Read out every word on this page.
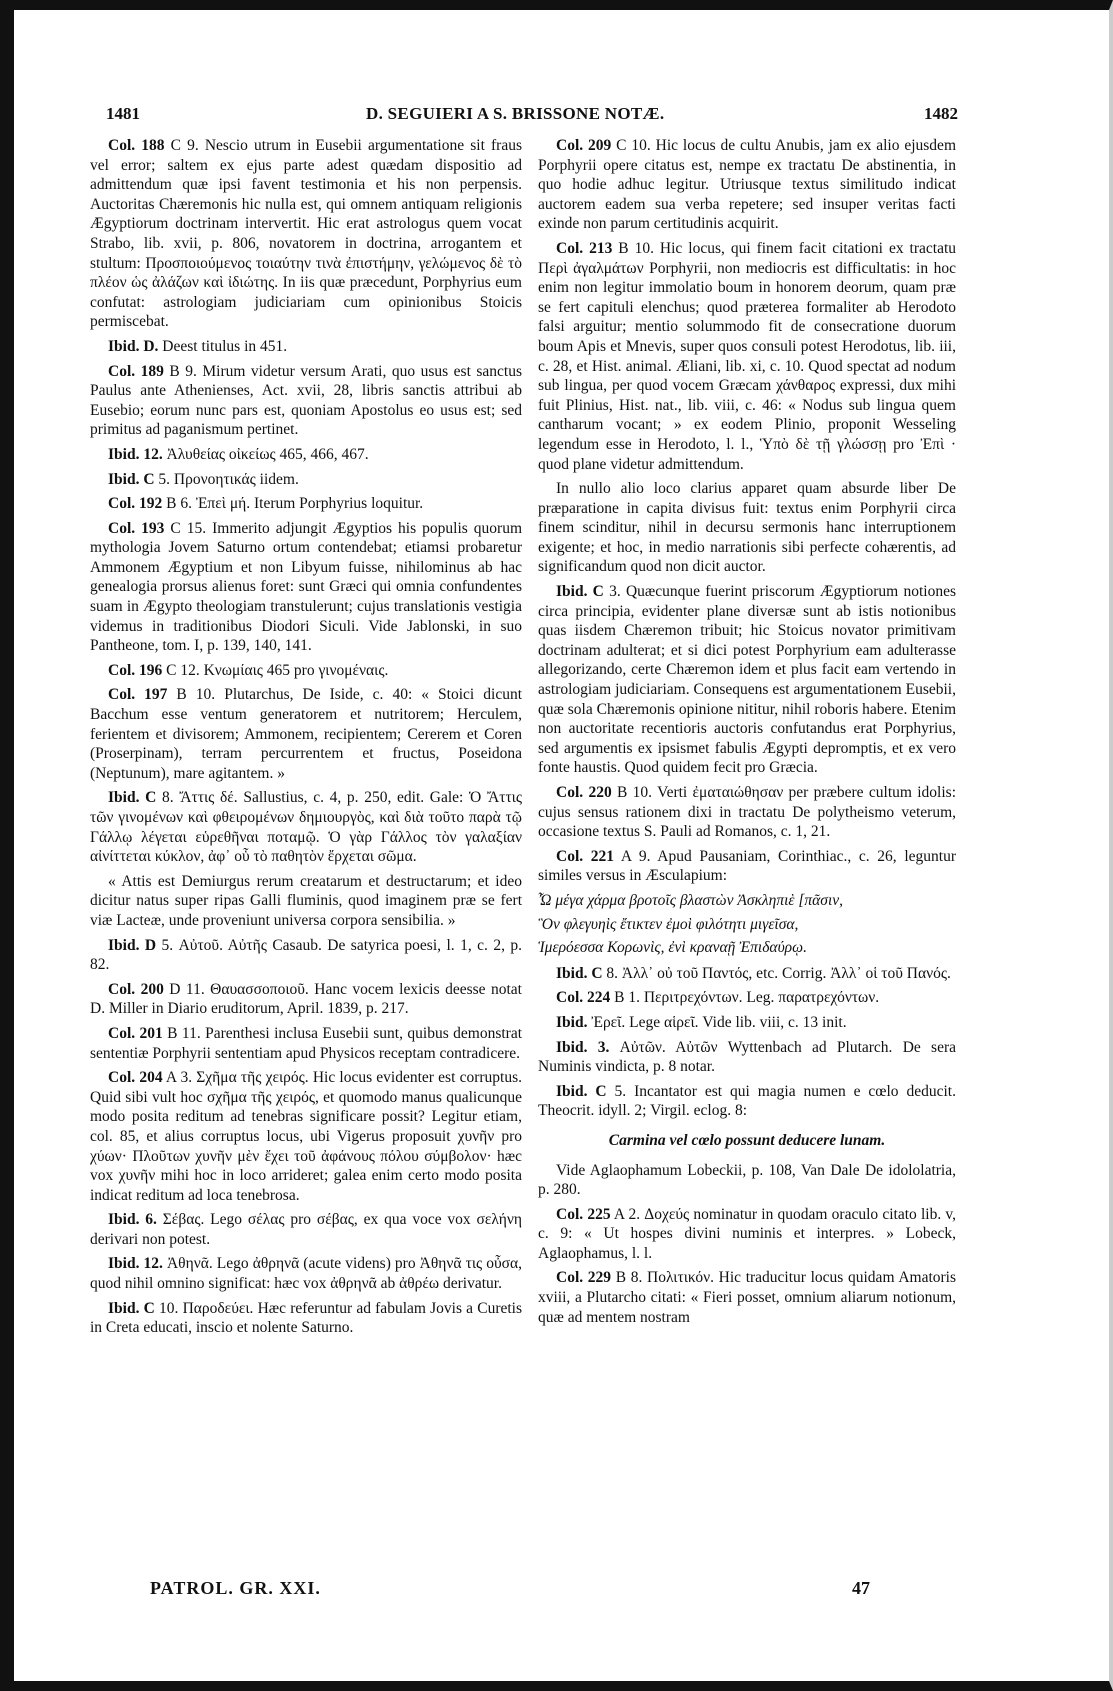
1481	D. SEGUIERI A S. BRISSONE NOTÆ.	1482

Col. 188 C 9. Nescio utrum in Eusebii argumentatione sit fraus vel error; saltem ex ejus parte adest quædam dispositio ad admittendum quæ ipsi favent testimonia et his non perpensis. Auctoritas Chæremonis hic nulla est, qui omnem antiquam religionis Ægyptiorum doctrinam intervertit. Hic erat astrologus quem vocat Strabo, lib. xvii, p. 806, novatorem in doctrina, arrogantem et stultum: Προσποιούμενος τοιαύτην τινὰ ἐπιστήμην, γελώμενος δὲ τὸ πλέον ὡς ἀλάζων καὶ ἰδιώτης. In iis quæ præcedunt, Porphyrius eum confutat: astrologiam judiciariam cum opinionibus Stoicis permiscebat.

Ibid. D. Deest titulus in 451.

Col. 189 B 9. Mirum videtur versum Arati, quo usus est sanctus Paulus ante Athenienses, Act. xvii, 28, libris sanctis attribui ab Eusebio; eorum nunc pars est, quoniam Apostolus eo usus est; sed primitus ad paganismum pertinet.

Ibid. 12. Ἀλυθείας οἰκείως 465, 466, 467.

Ibid. C 5. Προνοητικάς iidem.

Col. 192 B 6. Ἐπεὶ μή. Iterum Porphyrius loquitur.

Col. 193 C 15. Immerito adjungit Ægyptios his populis quorum mythologia Jovem Saturno ortum contendebat; etiamsi probaretur Ammonem Ægyptium et non Libyum fuisse, nihilominus ab hac genealogia prorsus alienus foret: sunt Græci qui omnia confundentes suam in Ægypto theologiam transtulerunt; cujus translationis vestigia videmus in traditionibus Diodori Siculi. Vide Jablonski, in suo Pantheone, tom. I, p. 139, 140, 141.

Col. 196 C 12. Κνωμίαις 465 pro γινομέναις.

Col. 197 B 10. Plutarchus, De Iside, c. 40: « Stoici dicunt Bacchum esse ventum generatorem et nutritorem; Herculem, ferientem et divisorem; Ammonem, recipientem; Cererem et Coren (Proserpinam), terram percurrentem et fructus, Poseidona (Neptunum), mare agitantem. »

Ibid. C 8. Ἄττις δέ. Sallustius, c. 4, p. 250, edit. Gale: Ὁ Ἄττις τῶν γινομένων καὶ φθειρομένων δημιουργὸς, καὶ διὰ τοῦτο παρὰ τῷ Γάλλῳ λέγεται εὑρεθῆναι ποταμῷ. Ὁ γὰρ Γάλλος τὸν γαλαξίαν αἰνίττεται κύκλον, ἀφ᾽ οὗ τὸ παθητὸν ἔρχεται σῶμα.

« Attis est Demiurgus rerum creatarum et destructarum; et ideo dicitur natus super ripas Galli fluminis, quod imaginem præ se fert viæ Lacteæ, unde proveniunt universa corpora sensibilia. »

Ibid. D 5. Αὐτοῦ. Αὐτῆς Casaub. De satyrica poesi, l. 1, c. 2, p. 82.

Col. 200 D 11. Θαυασσοποιοῦ. Hanc vocem lexicis deesse notat D. Miller in Diario eruditorum, April. 1839, p. 217.

Col. 201 B 11. Parenthesi inclusa Eusebii sunt, quibus demonstrat sententiæ Porphyrii sententiam apud Physicos receptam contradicere.

Col. 204 A 3. Σχῆμα τῆς χειρός. Hic locus evidenter est corruptus. Quid sibi vult hoc σχῆμα τῆς χειρός, et quomodo manus qualicunque modo posita reditum ad tenebras significare possit? Legitur etiam, col. 85, et alius corruptus locus, ubi Vigerus proposuit χυνῆν pro χύων· Πλοῦτων χυνῆν μὲν ἔχει τοῦ ἀφάνους πόλου σύμβολον· hæc vox χυνῆν mihi hoc in loco arrideret; galea enim certo modo posita indicat reditum ad loca tenebrosa.

Ibid. 6. Σέβας. Lego σέλας pro σέβας, ex qua voce vox σελήνη derivari non potest.

Ibid. 12. Ἀθηνᾶ. Lego ἀθρηνᾶ (acute videns) pro Ἀθηνᾶ τις οὖσα, quod nihil omnino significat: hæc vox ἀθρηνᾶ ab ἀθρέω derivatur.

Ibid. C 10. Παροδεύει. Hæc referuntur ad fabulam Jovis a Curetis in Creta educati, inscio et nolente Saturno.

Col. 209 C 10. Hic locus de cultu Anubis, jam ex alio ejusdem Porphyrii opere citatus est, nempe ex tractatu De abstinentia, in quo hodie adhuc legitur. Utriusque textus similitudo indicat auctorem eadem sua verba repetere; sed insuper veritas facti exinde non parum certitudinis acquirit.

Col. 213 B 10. Hic locus, qui finem facit citationi ex tractatu Περὶ ἀγαλμάτων Porphyrii, non mediocris est difficultatis: in hoc enim non legitur immolatio boum in honorem deorum, quam præ se fert capituli elenchus; quod præterea formaliter ab Herodoto falsi arguitur; mentio solummodo fit de consecratione duorum boum Apis et Mnevis, super quos consuli potest Herodotus, lib. iii, c. 28, et Hist. animal. Æliani, lib. xi, c. 10. Quod spectat ad nodum sub lingua, per quod vocem Græcam χάνθαρος expressi, dux mihi fuit Plinius, Hist. nat., lib. viii, c. 46: « Nodus sub lingua quem cantharum vocant; » ex eodem Plinio, proponit Wesseling legendum esse in Herodoto, l. l., Ὑπὸ δὲ τῇ γλώσσῃ pro Ἐπὶ · quod plane videtur admittendum.

In nullo alio loco clarius apparet quam absurde liber De præparatione in capita divisus fuit: textus enim Porphyrii circa finem scinditur, nihil in decursu sermonis hanc interruptionem exigente; et hoc, in medio narrationis sibi perfecte cohærentis, ad significandum quod non dicit auctor.

Ibid. C 3. Quæcunque fuerint priscorum Ægyptiorum notiones circa principia, evidenter plane diversæ sunt ab istis notionibus quas iisdem Chæremon tribuit; hic Stoicus novator primitivam doctrinam adulterat; et si dici potest Porphyrium eam adulterasse allegorizando, certe Chæremon idem et plus facit eam vertendo in astrologiam judiciariam. Consequens est argumentationem Eusebii, quæ sola Chæremonis opinione nititur, nihil roboris habere. Etenim non auctoritate recentioris auctoris confutandus erat Porphyrius, sed argumentis ex ipsismet fabulis Ægypti depromptis, et ex vero fonte haustis. Quod quidem fecit pro Græcia.

Col. 220 B 10. Verti ἐματαιώθησαν per præbere cultum idolis: cujus sensus rationem dixi in tractatu De polytheismo veterum, occasione textus S. Pauli ad Romanos, c. 1, 21.

Col. 221 A 9. Apud Pausaniam, Corinthiac., c. 26, leguntur similes versus in Æsculapium:

Ὦ μέγα χάρμα βροτοῖς βλαστὼν Ἀσκληπιὲ [πᾶσιν,

Ὃν φλεγυηὶς ἔτικτεν ἐμοὶ φιλότητι μιγεῖσα,

Ἱμερόεσσα Κορωνὶς, ἐνὶ κραναῇ Ἐπιδαύρῳ.

Ibid. C 8. Ἀλλ᾽ οὐ τοῦ Παντός, etc. Corrig. Ἀλλ᾽ οἱ τοῦ Πανός.

Col. 224 B 1. Περιτρεχόντων. Leg. παρατρεχόντων.

Ibid. Ἐρεῖ. Lege αἱρεῖ. Vide lib. viii, c. 13 init.

Ibid. 3. Αὐτῶν. Αὐτῶν Wyttenbach ad Plutarch. De sera Numinis vindicta, p. 8 notar.

Ibid. C 5. Incantator est qui magia numen e cœlo deducit. Theocrit. idyll. 2; Virgil. eclog. 8:

Carmina vel cœlo possunt deducere lunam.

Vide Aglaophamum Lobeckii, p. 108, Van Dale De idololatria, p. 280.

Col. 225 A 2. Δοχεύς nominatur in quodam oraculo citato lib. v, c. 9: « Ut hospes divini numinis et interpres. » Lobeck, Aglaophamus, l. l.

Col. 229 B 8. Πολιτικόν. Hic traducitur locus quidam Amatoris xviii, a Plutarcho citati: « Fieri posset, omnium aliarum notionum, quæ ad mentem nostram

PATROL. GR. XXI.	47
